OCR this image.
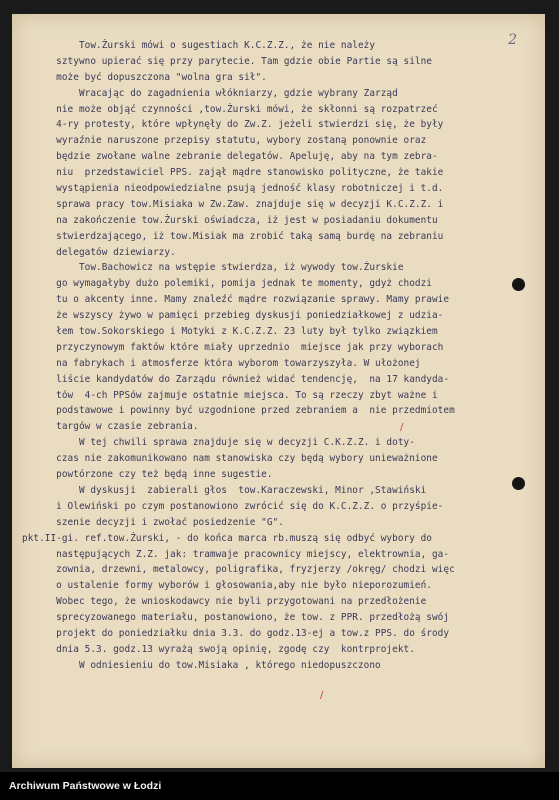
2
/
/
Tow.Żurski mówi o sugestiach K.C.Z.Z., że nie należy
sztywno upierać się przy parytecie. Tam gdzie obie Partie są silne
może być dopuszczona "wolna gra sił".
Wracając do zagadnienia włókniarzy, gdzie wybrany Zarząd
nie może objąć czynności ,tow.Żurski mówi, że skłonni są rozpatrzeć
4-ry protesty, które wpłynęły do Zw.Z. jeżeli stwierdzi się, że były
wyraźnie naruszone przepisy statutu, wybory zostaną ponownie oraz
będzie zwołane walne zebranie delegatów. Apeluję, aby na tym zebra-
niu  przedstawiciel PPS. zajął mądre stanowisko polityczne, że takie
wystąpienia nieodpowiedzialne psują jedność klasy robotniczej i t.d.
sprawa pracy tow.Misiaka w Zw.Zaw. znajduje się w decyzji K.C.Z.Z. i
na zakończenie tow.Żurski oświadcza, iż jest w posiadaniu dokumentu
stwierdzającego, iż tow.Misiak ma zrobić taką samą burdę na zebraniu
delegatów dziewiarzy.
Tow.Bachowicz na wstępie stwierdza, iż wywody tow.Żurskie
go wymagałyby dużo polemiki, pomija jednak te momenty, gdyż chodzi
tu o akcenty inne. Mamy znaleźć mądre rozwiązanie sprawy. Mamy prawie
że wszyscy żywo w pamięci przebieg dyskusji poniedziałkowej z udzia-
łem tow.Sokorskiego i Motyki z K.C.Z.Z. 23 luty był tylko związkiem
przyczynowym faktów które miały uprzednio  miejsce jak przy wyborach
na fabrykach i atmosferze która wyborom towarzyszyła. W ułożonej
liście kandydatów do Zarządu również widać tendencję,  na 17 kandyda-
tów  4-ch PPSów zajmuje ostatnie miejsca. To są rzeczy zbyt ważne i
podstawowe i powinny być uzgodnione przed zebraniem a  nie przedmiotem
targów w czasie zebrania.
W tej chwili sprawa znajduje się w decyzji C.K.Z.Z. i doty-
czas nie zakomunikowano nam stanowiska czy będą wybory unieważnione
powtórzone czy też będą inne sugestie.
W dyskusji  zabierali głos  tow.Karaczewski, Minor ,Stawiński
i Olewiński po czym postanowiono zwrócić się do K.C.Z.Z. o przyśpie-
szenie decyzji i zwołać posiedzenie "G".
pkt.II-gi. ref.tow.Żurski, - do końca marca rb.muszą się odbyć wybory do
następujących Z.Z. jak: tramwaje pracownicy miejscy, elektrownia, ga-
zownia, drzewni, metalowcy, poligrafika, fryzjerzy /okręg/ chodzi więc
o ustalenie formy wyborów i głosowania,aby nie było nieporozumień.
Wobec tego, że wnioskodawcy nie byli przygotowani na przedłożenie
sprecyzowanego materiału, postanowiono, że tow. z PPR. przedłożą swój
projekt do poniedziałku dnia 3.3. do godz.13-ej a tow.z PPS. do środy
dnia 5.3. godz.13 wyrażą swoją opinię, zgodę czy  kontrprojekt.
W odniesieniu do tow.Misiaka , którego niedopuszczono
Archiwum Państwowe w Łodzi
